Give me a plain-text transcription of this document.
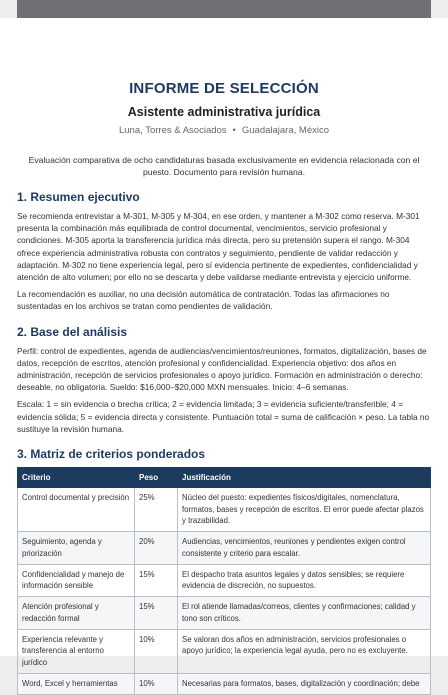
INFORME DE SELECCIÓN
Asistente administrativa jurídica
Luna, Torres & Asociados • Guadalajara, México

Evaluación comparativa de ocho candidaturas basada exclusivamente en evidencia relacionada con el puesto. Documento para revisión humana.

1. Resumen ejecutivo

Se recomienda entrevistar a M-301, M-305 y M-304, en ese orden, y mantener a M-302 como reserva. M-301 presenta la combinación más equilibrada de control documental, vencimientos, servicio profesional y condiciones. M-305 aporta la transferencia jurídica más directa, pero su pretensión supera el rango. M-304 ofrece experiencia administrativa robusta con contratos y seguimiento, pendiente de validar redacción y adaptación. M-302 no tiene experiencia legal, pero sí evidencia pertinente de expedientes, confidencialidad y atención de alto volumen; por ello no se descarta y debe validarse mediante entrevista y ejercicio uniforme.

La recomendación es auxiliar, no una decisión automática de contratación. Todas las afirmaciones no sustentadas en los archivos se tratan como pendientes de validación.

2. Base del análisis

Perfil: control de expedientes, agenda de audiencias/vencimientos/reuniones, formatos, digitalización, bases de datos, recepción de escritos, atención profesional y confidencialidad. Experiencia objetivo: dos años en administración, recepción de servicios profesionales o apoyo jurídico. Formación en administración o derecho: deseable, no obligatoria. Sueldo: $16,000–$20,000 MXN mensuales. Inicio: 4–6 semanas.

Escala: 1 = sin evidencia o brecha crítica; 2 = evidencia limitada; 3 = evidencia suficiente/transferible; 4 = evidencia sólida; 5 = evidencia directa y consistente. Puntuación total = suma de calificación × peso. La tabla no sustituye la revisión humana.

3. Matriz de criterios ponderados
Criterio	Peso	Justificación
Control documental y precisión	25%	Núcleo del puesto: expedientes físicos/digitales, nomenclatura, formatos, bases y recepción de escritos. El error puede afectar plazos y trazabilidad.
Seguimiento, agenda y priorización	20%	Audiencias, vencimientos, reuniones y pendientes exigen control consistente y criterio para escalar.
Confidencialidad y manejo de información sensible	15%	El despacho trata asuntos legales y datos sensibles; se requiere evidencia de discreción, no supuestos.
Atención profesional y redacción formal	15%	El rol atiende llamadas/correos, clientes y confirmaciones; calidad y tono son críticos.
Experiencia relevante y transferencia al entorno jurídico	10%	Se valoran dos años en administración, servicios profesionales o apoyo jurídico; la experiencia legal ayuda, pero no es excluyente.
Word, Excel y herramientas	10%	Necesarias para formatos, bases, digitalización y coordinación; debe
